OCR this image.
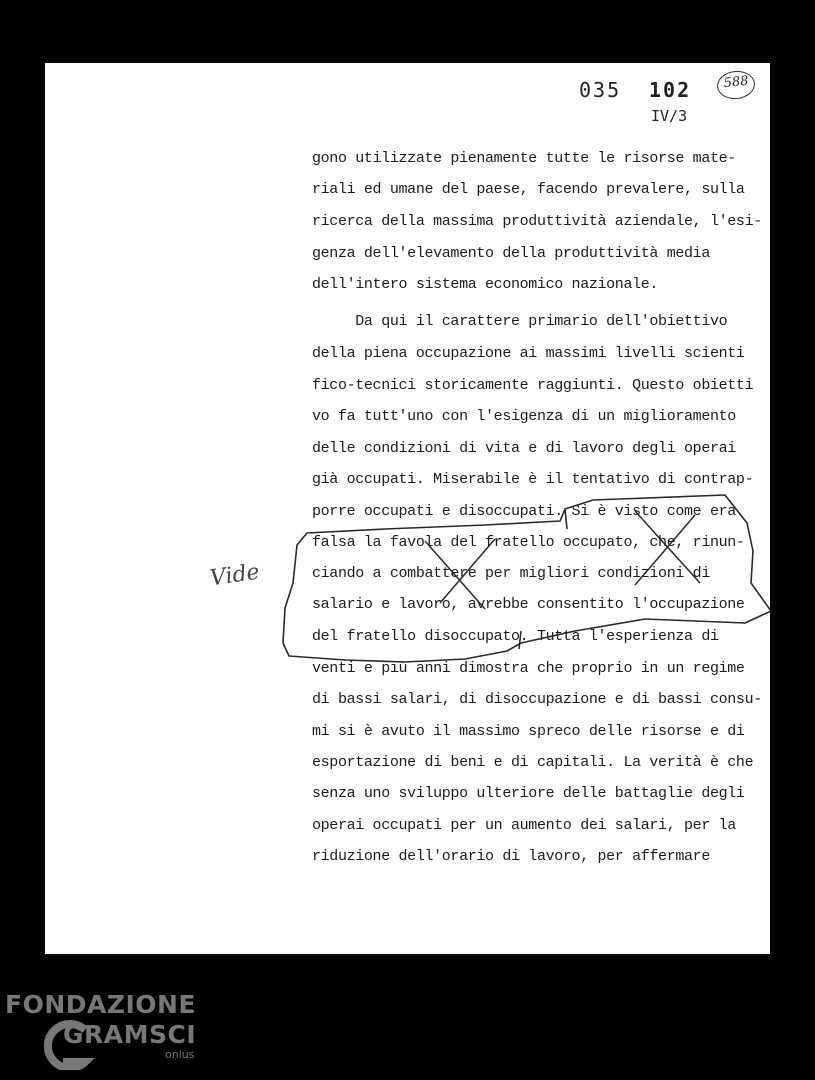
035 102
IV/3
588
Vide
gono utilizzate pienamente tutte le risorse mate-
riali ed umane del paese, facendo prevalere, sulla
ricerca della massima produttività aziendale, l'esi-
genza dell'elevamento della produttività media
dell'intero sistema economico nazionale.
Da qui il carattere primario dell'obiettivo
della piena occupazione ai massimi livelli scienti
fico-tecnici storicamente raggiunti. Questo obietti
vo fa tutt'uno con l'esigenza di un miglioramento
delle condizioni di vita e di lavoro degli operai
già occupati. Miserabile è il tentativo di contrap-
porre occupati e disoccupati. Si è visto come era
falsa la favola del fratello occupato, che, rinun-
ciando a combattere per migliori condizioni di
salario e lavoro, avrebbe consentito l'occupazione
del fratello disoccupato. Tutta l'esperienza di
venti e più anni dimostra che proprio in un regime
di bassi salari, di disoccupazione e di bassi consu-
mi si è avuto il massimo spreco delle risorse e di
esportazione di beni e di capitali. La verità è che
senza uno sviluppo ulteriore delle battaglie degli
operai occupati per un aumento dei salari, per la
riduzione dell'orario di lavoro, per affermare
FONDAZIONE
GRAMSCI
onlus
